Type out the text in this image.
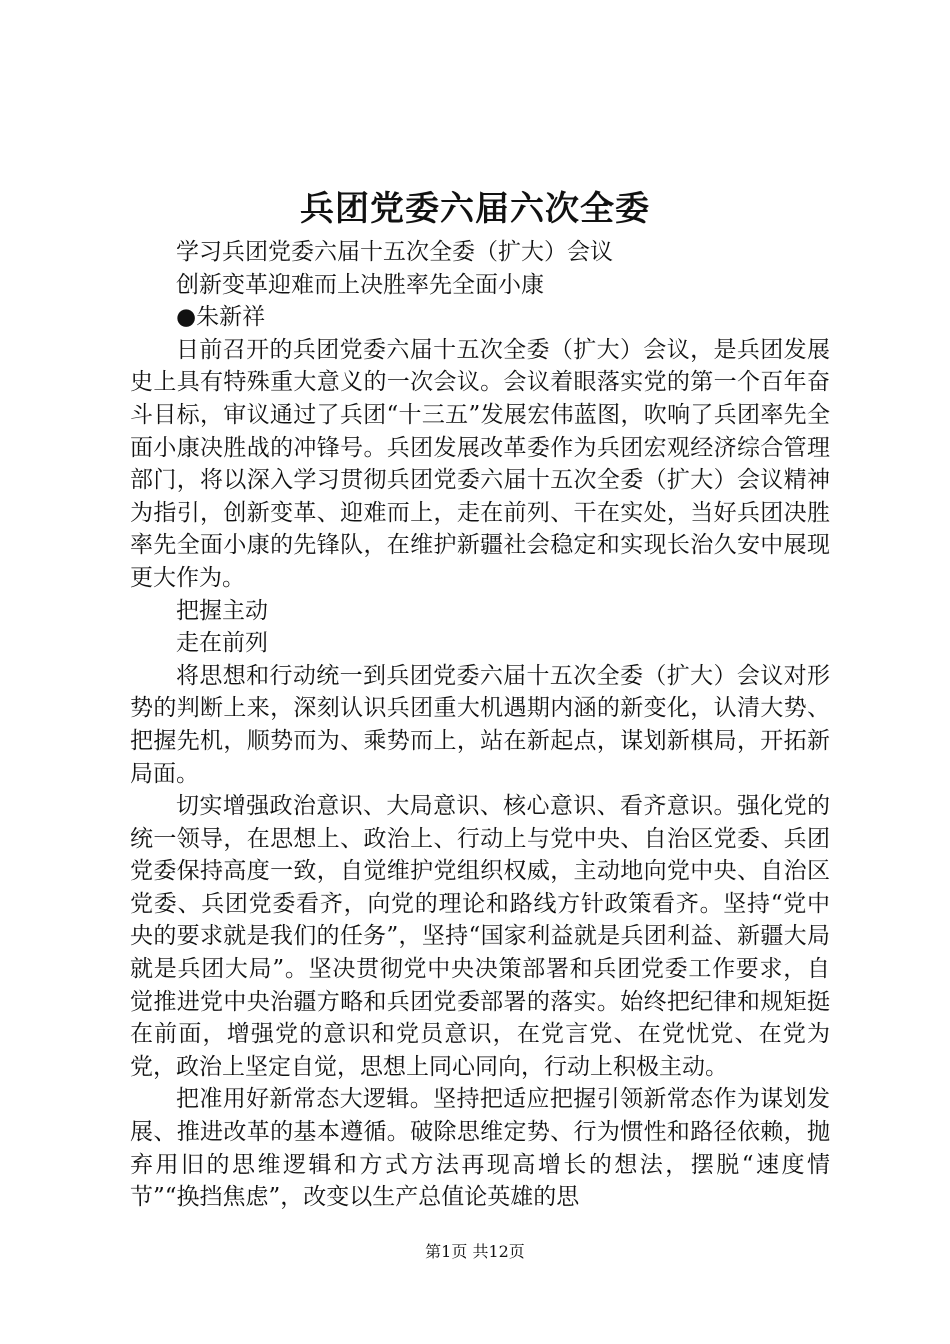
兵团党委六届六次全委

学习兵团党委六届十五次全委（扩大）会议

创新变革迎难而上决胜率先全面小康

●朱新祥

日前召开的兵团党委六届十五次全委（扩大）会议，是兵团发展史上具有特殊重大意义的一次会议。会议着眼落实党的第一个百年奋斗目标，审议通过了兵团“十三五”发展宏伟蓝图，吹响了兵团率先全面小康决胜战的冲锋号。兵团发展改革委作为兵团宏观经济综合管理部门，将以深入学习贯彻兵团党委六届十五次全委（扩大）会议精神为指引，创新变革、迎难而上，走在前列、干在实处，当好兵团决胜率先全面小康的先锋队，在维护新疆社会稳定和实现长治久安中展现更大作为。

把握主动

走在前列

将思想和行动统一到兵团党委六届十五次全委（扩大）会议对形势的判断上来，深刻认识兵团重大机遇期内涵的新变化，认清大势、把握先机，顺势而为、乘势而上，站在新起点，谋划新棋局，开拓新局面。

切实增强政治意识、大局意识、核心意识、看齐意识。强化党的统一领导，在思想上、政治上、行动上与党中央、自治区党委、兵团党委保持高度一致，自觉维护党组织权威，主动地向党中央、自治区党委、兵团党委看齐，向党的理论和路线方针政策看齐。坚持“党中央的要求就是我们的任务”，坚持“国家利益就是兵团利益、新疆大局就是兵团大局”。坚决贯彻党中央决策部署和兵团党委工作要求，自觉推进党中央治疆方略和兵团党委部署的落实。始终把纪律和规矩挺在前面，增强党的意识和党员意识，在党言党、在党忧党、在党为党，政治上坚定自觉，思想上同心同向，行动上积极主动。

把准用好新常态大逻辑。坚持把适应把握引领新常态作为谋划发展、推进改革的基本遵循。破除思维定势、行为惯性和路径依赖，抛弃用旧的思维逻辑和方式方法再现高增长的想法，摆脱“速度情节”“换挡焦虑”，改变以生产总值论英雄的思

第1页 共12页
